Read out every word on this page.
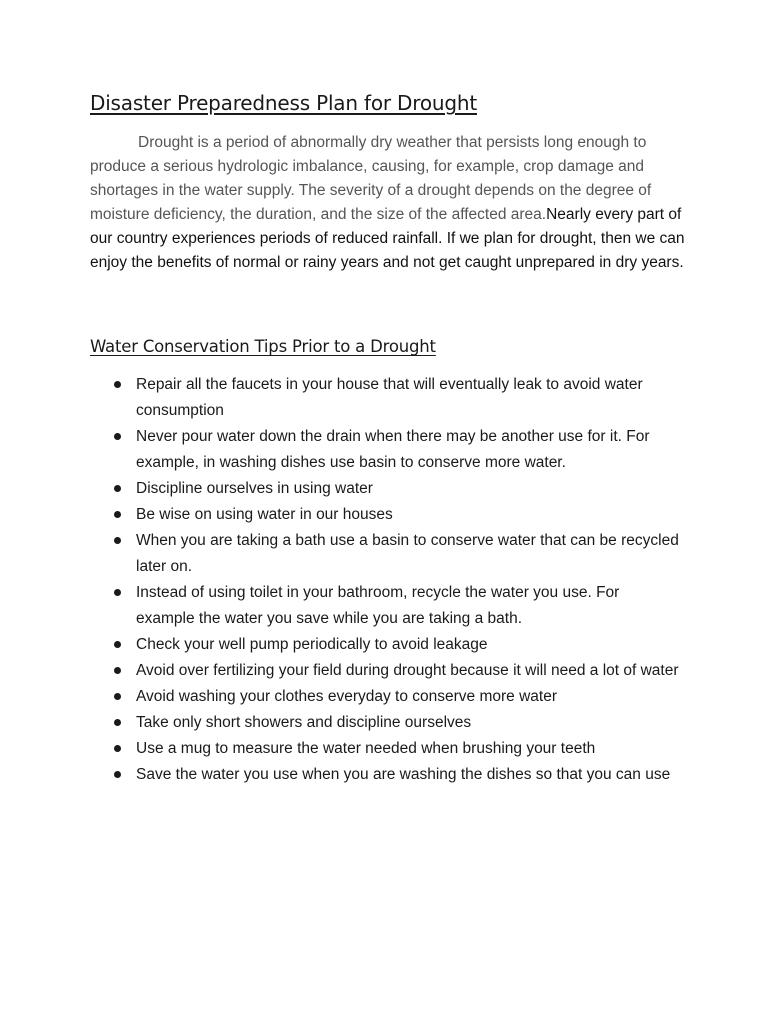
Disaster Preparedness Plan for Drought

Drought is a period of abnormally dry weather that persists long enough to produce a serious hydrologic imbalance, causing, for example, crop damage and shortages in the water supply. The severity of a drought depends on the degree of moisture deficiency, the duration, and the size of the affected area.Nearly every part of our country experiences periods of reduced rainfall. If we plan for drought, then we can enjoy the benefits of normal or rainy years and not get caught unprepared in dry years.

Water Conservation Tips Prior to a Drought
Repair all the faucets in your house that will eventually leak to avoid water consumption
Never pour water down the drain when there may be another use for it. For example, in washing dishes use basin to conserve more water.
Discipline ourselves in using water
Be wise on using water in our houses
When you are taking a bath use a basin to conserve water that can be recycled later on.
Instead of using toilet in your bathroom, recycle the water you use. For example the water you save while you are taking a bath.
Check your well pump periodically to avoid leakage
Avoid over fertilizing your field during drought because it will need a lot of water
Avoid washing your clothes everyday to conserve more water
Take only short showers and discipline ourselves
Use a mug to measure the water needed when brushing your teeth
Save the water you use when you are washing the dishes so that you can use
